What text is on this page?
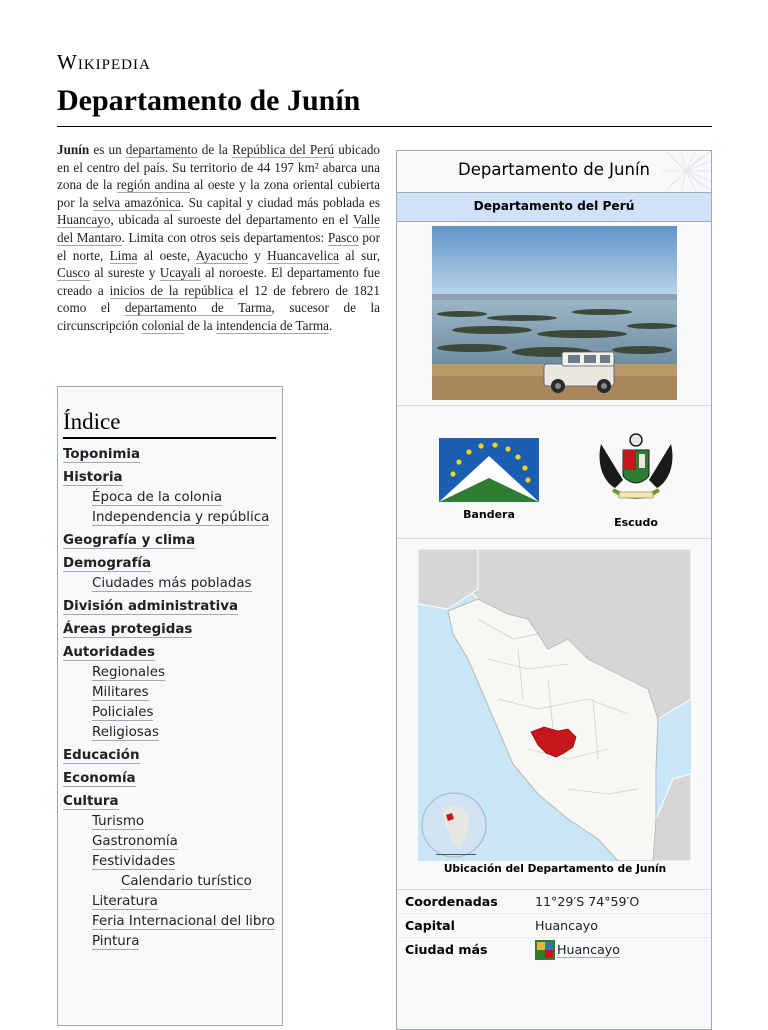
Wikipedia
Departamento de Junín

Junín es un departamento de la República del Perú ubicado en el centro del país. Su territorio de 44 197 km² abarca una zona de la región andina al oeste y la zona oriental cubierta por la selva amazónica. Su capital y ciudad más poblada es Huancayo, ubicada al suroeste del departamento en el Valle del Mantaro. Limita con otros seis departamentos: Pasco por el norte, Lima al oeste, Ayacucho y Huancavelica al sur, Cusco al sureste y Ucayali al noroeste. El departamento fue creado a inicios de la república el 12 de febrero de 1821 como el departamento de Tarma, sucesor de la circunscripción colonial de la intendencia de Tarma.

Índice
Toponimia
Historia
Época de la colonia
Independencia y república
Geografía y clima
Demografía
Ciudades más pobladas
División administrativa
Áreas protegidas
Autoridades
Regionales
Militares
Policiales
Religiosas
Educación
Economía
Cultura
Turismo
Gastronomía
Festividades
Calendario turístico
Literatura
Feria Internacional del libro
Pintura
Departamento de Junín
Departamento del Perú
Bandera
Escudo
Ubicación del Departamento de Junín
Coordenadas	11°29′S 74°59′O
Capital	Huancayo
Ciudad más	Huancayo
